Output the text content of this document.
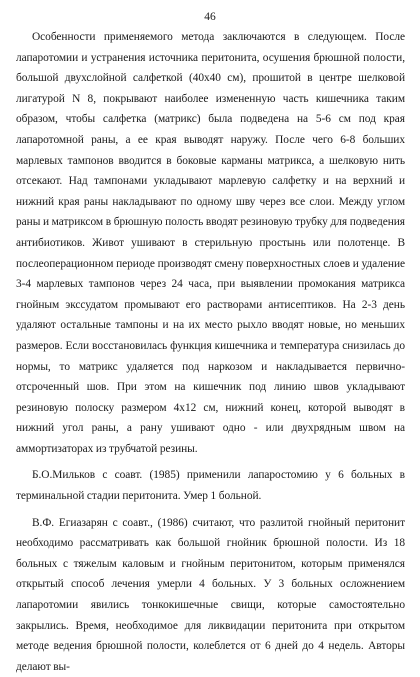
46

Особенности применяемого метода заключаются в следующем. После лапаротомии и устранения источника перитонита, осушения брюшной полости, большой двухслойной салфеткой (40х40 см), прошитой в центре шелковой лигатурой N 8, покрывают наиболее измененную часть кишечника таким образом, чтобы салфетка (матрикс) была подведена на 5-6 см под края лапаротомной раны, а ее края выводят наружу. После чего 6-8 больших марлевых тампонов вводится в боковые карманы матрикса, а шелковую нить отсекают. Над тампонами укладывают марлевую салфетку и на верхний и нижний края раны накладывают по одному шву через все слои. Между углом раны и матриксом в брюшную полость вводят резиновую трубку для подведения антибиотиков. Живот ушивают в стерильную простынь или полотенце. В послеоперационном периоде производят смену поверхностных слоев и удаление 3-4 марлевых тампонов через 24 часа, при выявлении промокания матрикса гнойным экссудатом промывают его растворами антисептиков. На 2-3 день удаляют остальные тампоны и на их место рыхло вводят новые, но меньших размеров. Если восстановилась функция кишечника и температура снизилась до нормы, то матрикс удаляется под наркозом и накладывается первично-отсроченный шов. При этом на кишечник под линию швов укладывают резиновую полоску размером 4х12 см, нижний конец, которой выводят в нижний угол раны, а рану ушивают одно - или двухрядным швом на аммортизаторах из трубчатой резины.

Б.О.Мильков с соавт. (1985) применили лапаростомию у 6 больных в терминальной стадии перитонита. Умер 1 больной.

В.Ф. Егиазарян с соавт., (1986) считают, что разлитой гнойный перитонит необходимо рассматривать как большой гнойник брюшной полости. Из 18 больных с тяжелым каловым и гнойным перитонитом, которым применялся открытый способ лечения умерли 4 больных. У 3 больных осложнением лапаротомии явились тонкокишечные свищи, которые самостоятельно закрылись. Время, необходимое для ликвидации перитонита при открытом методе ведения брюшной полости, колеблется от 6 дней до 4 недель. Авторы делают вы-
